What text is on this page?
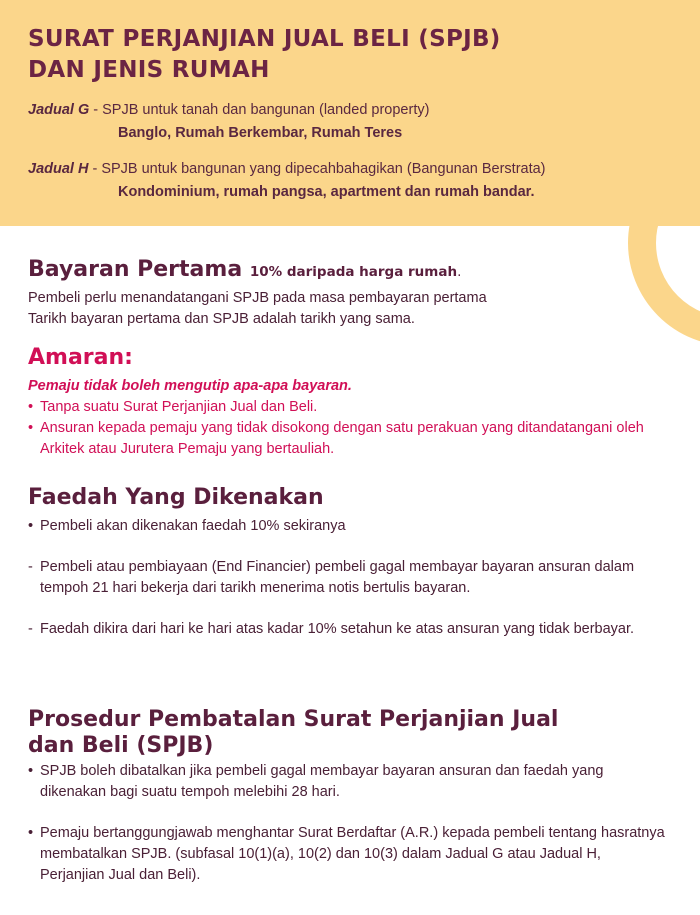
SURAT PERJANJIAN JUAL BELI (SPJB)
DAN JENIS RUMAH
Jadual G - SPJB untuk tanah dan bangunan (landed property)
Banglo, Rumah Berkembar, Rumah Teres
Jadual H - SPJB untuk bangunan yang dipecahbahagikan (Bangunan Berstrata)
Kondominium, rumah pangsa, apartment dan rumah bandar.
Bayaran Pertama 10% daripada harga rumah.

Pembeli perlu menandatangani SPJB pada masa pembayaran pertama
Tarikh bayaran pertama dan SPJB adalah tarikh yang sama.

Amaran:

Pemaju tidak boleh mengutip apa-apa bayaran.

• Tanpa suatu Surat Perjanjian Jual dan Beli.
• Ansuran kepada pemaju yang tidak disokong dengan satu perakuan yang ditandatangani oleh Arkitek atau Jurutera Pemaju yang bertauliah.
Faedah Yang Dikenakan
• Pembeli akan dikenakan faedah 10% sekiranya
- Pembeli atau pembiayaan (End Financier) pembeli gagal membayar bayaran ansuran dalam tempoh 21 hari bekerja dari tarikh menerima notis bertulis bayaran.
- Faedah dikira dari hari ke hari atas kadar 10% setahun ke atas ansuran yang tidak berbayar.
Prosedur Pembatalan Surat Perjanjian Jual
dan Beli (SPJB)
• SPJB boleh dibatalkan jika pembeli gagal membayar bayaran ansuran dan faedah yang dikenakan bagi suatu tempoh melebihi 28 hari.
• Pemaju bertanggungjawab menghantar Surat Berdaftar (A.R.) kepada pembeli tentang hasratnya membatalkan SPJB. (subfasal 10(1)(a), 10(2) dan 10(3) dalam Jadual G atau Jadual H, Perjanjian Jual dan Beli).
